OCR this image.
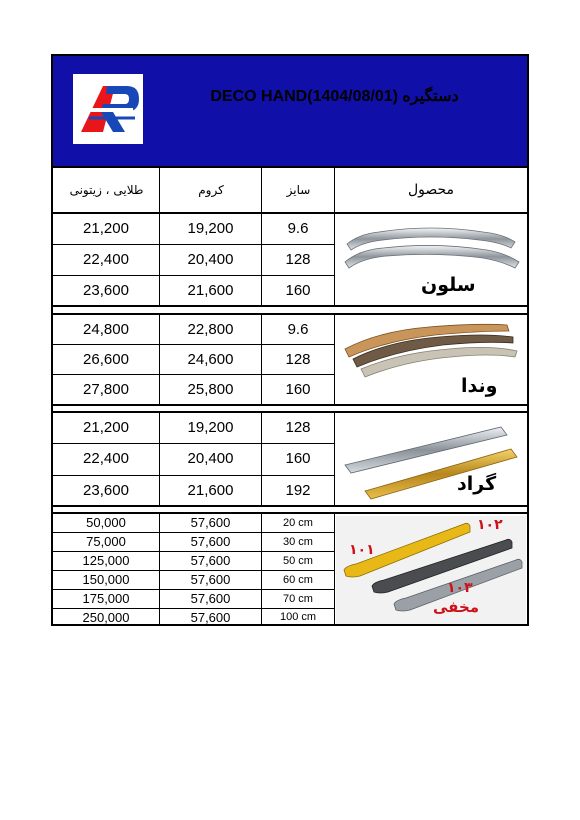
دستگیره (1404/08/01)DECO HAND
طلایی ، زیتونی	کروم	سایز	محصول
21,200	19,200	9.6
22,400	20,400	128
23,600	21,600	160	سلون
24,800	22,800	9.6
26,600	24,600	128
27,800	25,800	160	وندا
21,200	19,200	128
22,400	20,400	160
23,600	21,600	192	گراد
50,000	57,600	20 cm
75,000	57,600	30 cm
125,000	57,600	50 cm
150,000	57,600	60 cm
175,000	57,600	70 cm
250,000	57,600	100 cm
۱۰۱
۱۰۲
۱۰۳
مخفی
